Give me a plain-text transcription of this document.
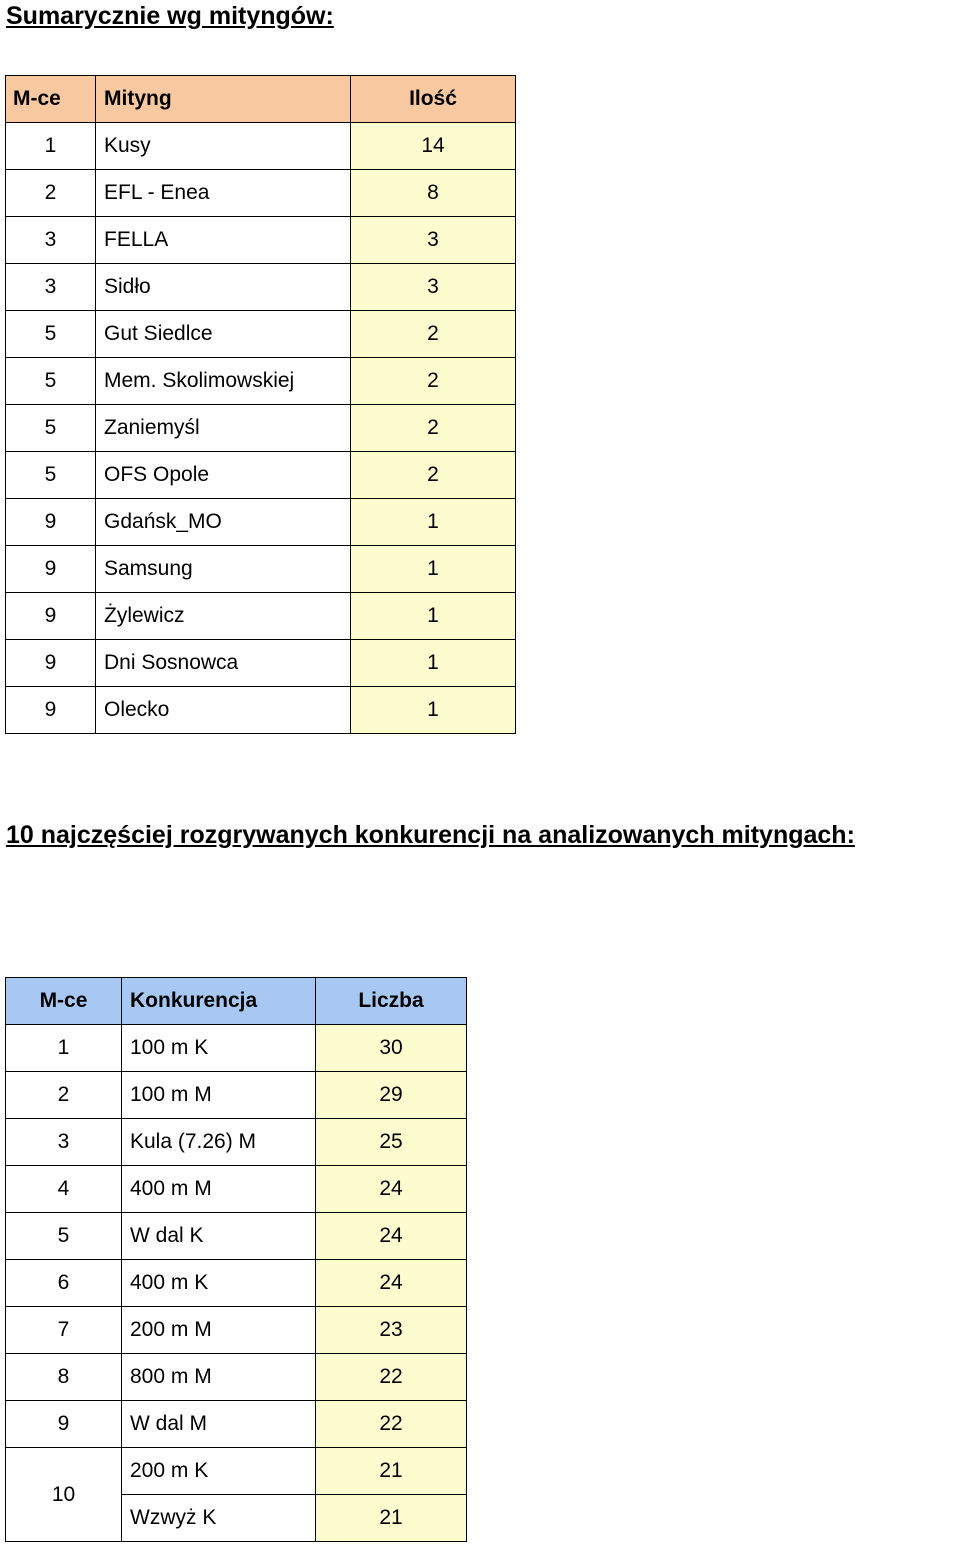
Sumarycznie wg mityngów:
M-ce	Mityng	Ilość
1	Kusy	14
2	EFL - Enea	8
3	FELLA	3
3	Sidło	3
5	Gut Siedlce	2
5	Mem. Skolimowskiej	2
5	Zaniemyśl	2
5	OFS Opole	2
9	Gdańsk_MO	1
9	Samsung	1
9	Żylewicz	1
9	Dni Sosnowca	1
9	Olecko	1
10 najczęściej rozgrywanych konkurencji na analizowanych mityngach:
M-ce	Konkurencja	Liczba
1	100 m K	30
2	100 m M	29
3	Kula (7.26) M	25
4	400 m M	24
5	W dal K	24
6	400 m K	24
7	200 m M	23
8	800 m M	22
9	W dal M	22
10	200 m K	21
	Wzwyż K	21
